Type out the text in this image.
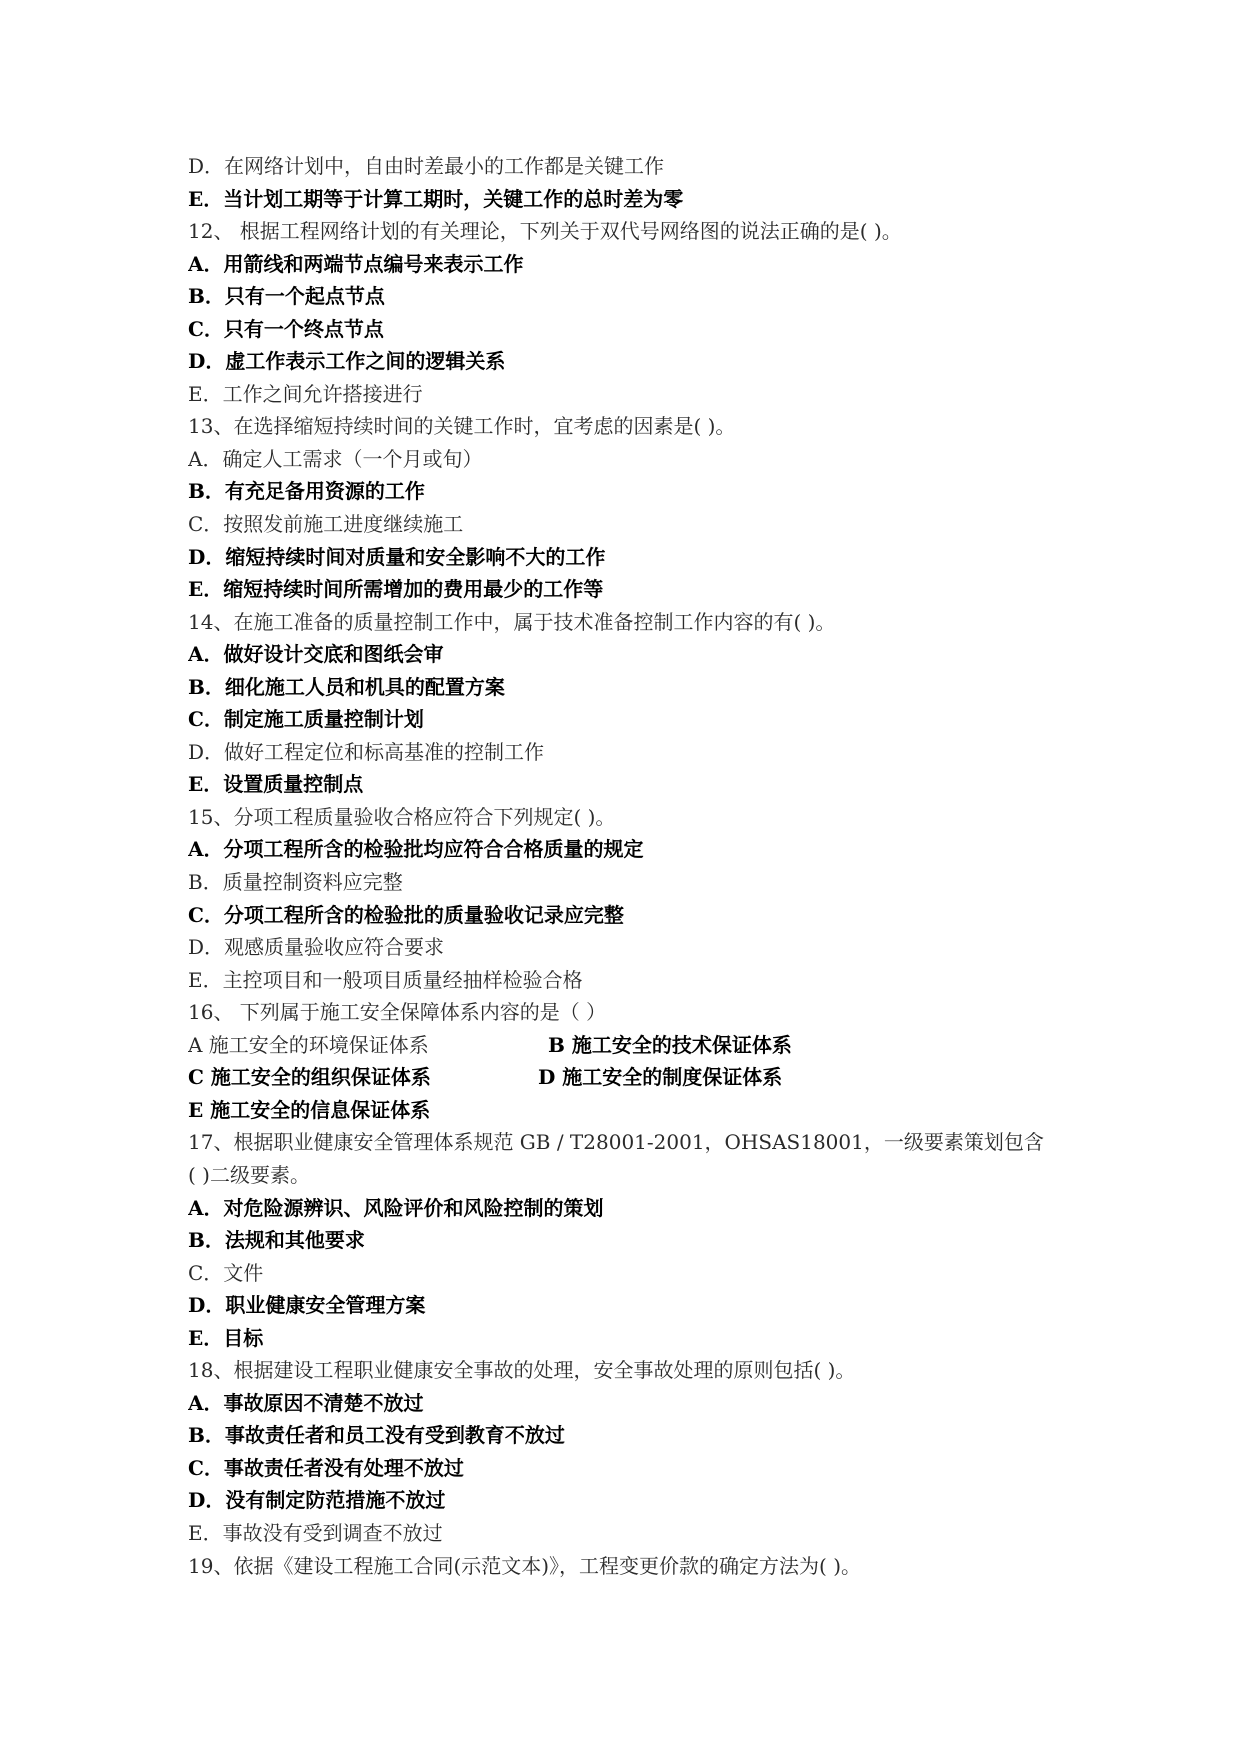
D．在网络计划中，自由时差最小的工作都是关键工作
E．当计划工期等于计算工期时，关键工作的总时差为零
12、 根据工程网络计划的有关理论，下列关于双代号网络图的说法正确的是( )。
A．用箭线和两端节点编号来表示工作
B．只有一个起点节点
C．只有一个终点节点
D．虚工作表示工作之间的逻辑关系
E．工作之间允许搭接进行
13、在选择缩短持续时间的关键工作时，宜考虑的因素是( )。
A．确定人工需求（一个月或旬）
B．有充足备用资源的工作
C．按照发前施工进度继续施工
D．缩短持续时间对质量和安全影响不大的工作
E．缩短持续时间所需增加的费用最少的工作等
14、在施工准备的质量控制工作中，属于技术准备控制工作内容的有( )。
A．做好设计交底和图纸会审
B．细化施工人员和机具的配置方案
C．制定施工质量控制计划
D．做好工程定位和标高基准的控制工作
E．设置质量控制点
15、分项工程质量验收合格应符合下列规定( )。
A．分项工程所含的检验批均应符合合格质量的规定
B．质量控制资料应完整
C．分项工程所含的检验批的质量验收记录应完整
D．观感质量验收应符合要求
E．主控项目和一般项目质量经抽样检验合格
16、 下列属于施工安全保障体系内容的是（ ）
A 施工安全的环境保证体系	B 施工安全的技术保证体系
C 施工安全的组织保证体系	D 施工安全的制度保证体系
E 施工安全的信息保证体系
17、根据职业健康安全管理体系规范 GB / T28001-2001，OHSAS18001，一级要素策划包含
( )二级要素。
A．对危险源辨识、风险评价和风险控制的策划
B．法规和其他要求
C．文件
D．职业健康安全管理方案
E．目标
18、根据建设工程职业健康安全事故的处理，安全事故处理的原则包括( )。
A．事故原因不清楚不放过
B．事故责任者和员工没有受到教育不放过
C．事故责任者没有处理不放过
D．没有制定防范措施不放过
E．事故没有受到调查不放过
19、依据《建设工程施工合同(示范文本)》，工程变更价款的确定方法为( )。
